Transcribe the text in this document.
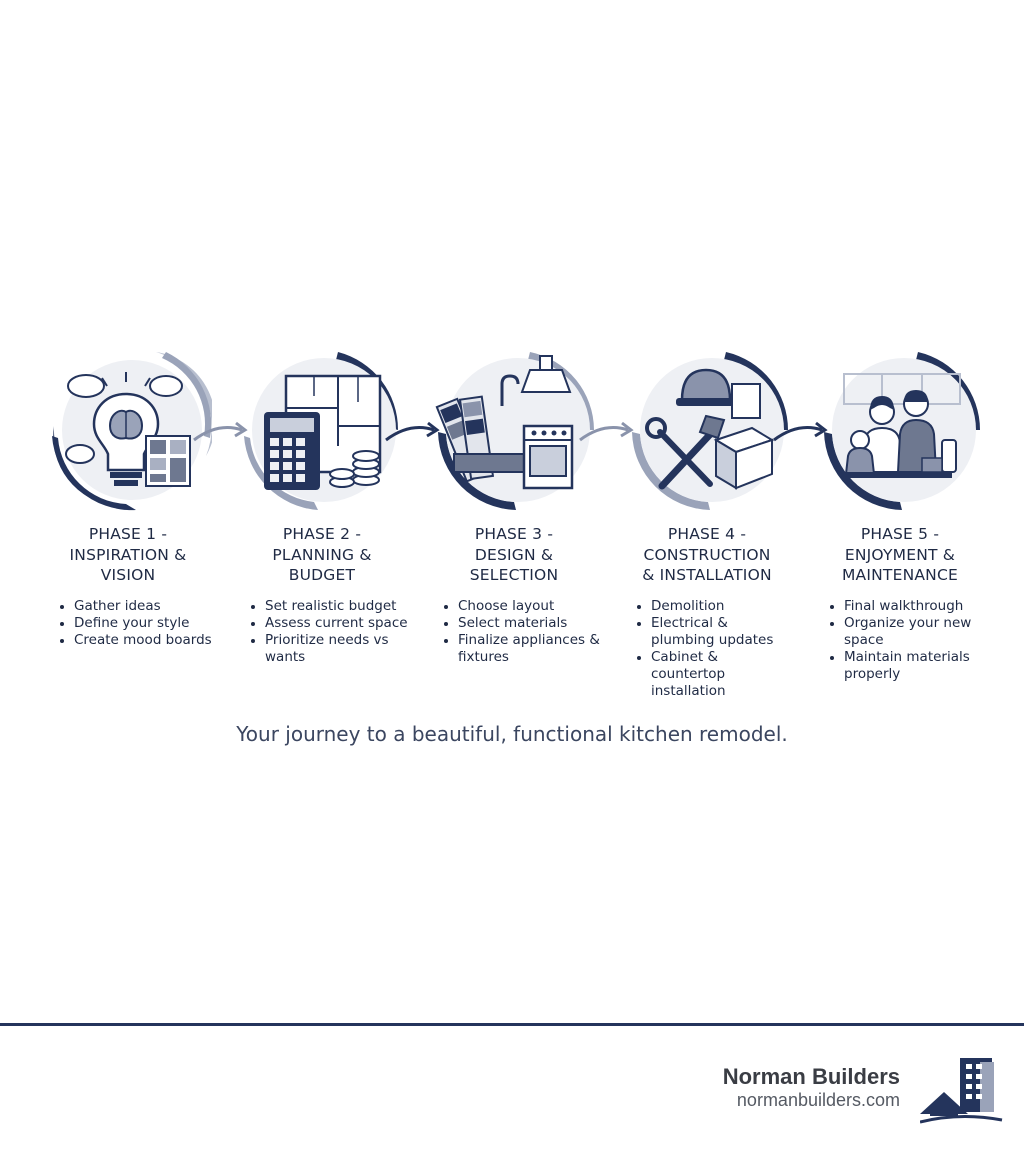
PHASE 1 -
INSPIRATION &
VISION
PHASE 2 -
PLANNING &
BUDGET
PHASE 3 -
DESIGN &
SELECTION
PHASE 4 -
CONSTRUCTION
& INSTALLATION
PHASE 5 -
ENJOYMENT &
MAINTENANCE
Gather ideas
Define your style
Create mood boards
Set realistic budget
Assess current space
Prioritize needs vs wants
Choose layout
Select materials
Finalize appliances & fixtures
Demolition
Electrical & plumbing updates
Cabinet & countertop installation
Final walkthrough
Organize your new space
Maintain materials properly
Your journey to a beautiful, functional kitchen remodel.
Norman Builders
normanbuilders.com
